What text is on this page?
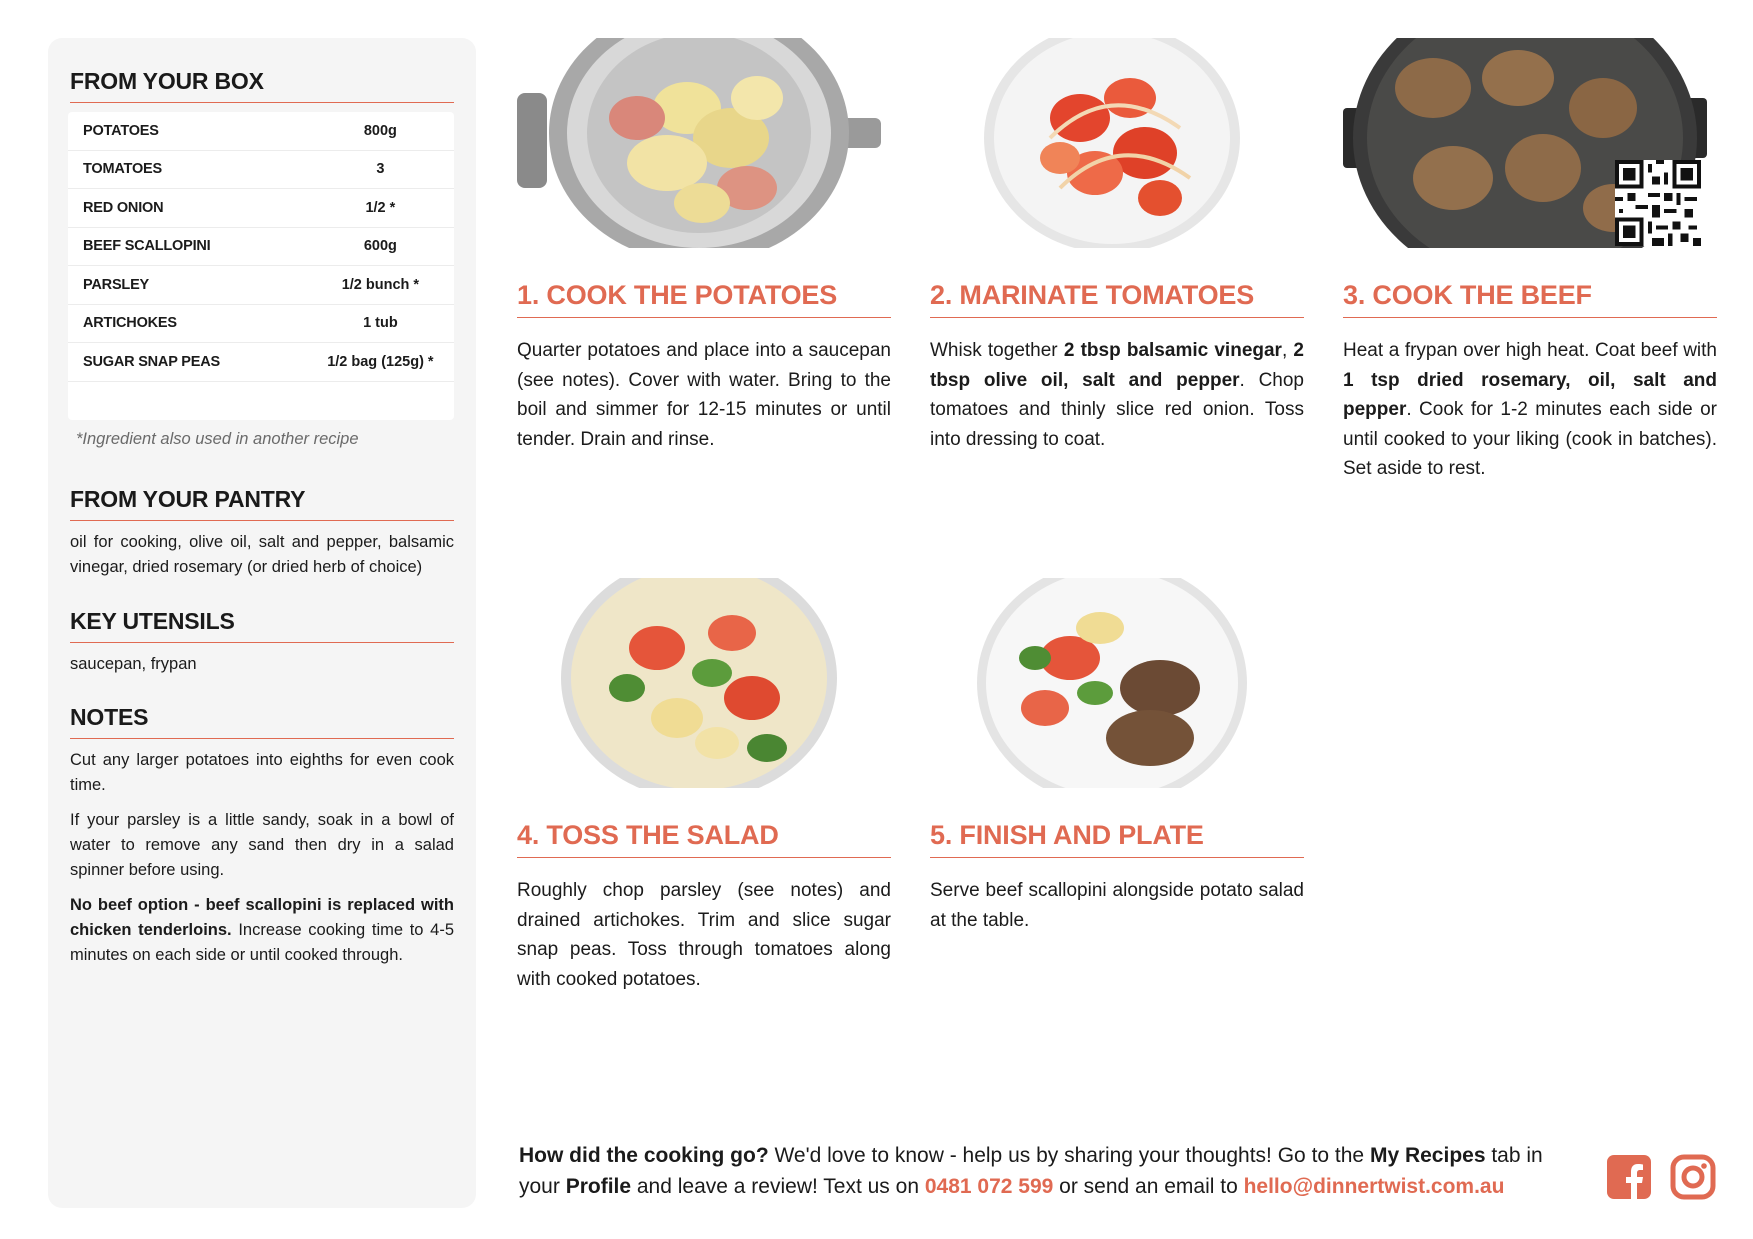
FROM YOUR BOX
POTATOES	800g
TOMATOES	3
RED ONION	1/2 *
BEEF SCALLOPINI	600g
PARSLEY	1/2 bunch *
ARTICHOKES	1 tub
SUGAR SNAP PEAS	1/2 bag (125g) *
*Ingredient also used in another recipe
FROM YOUR PANTRY
oil for cooking, olive oil, salt and pepper, balsamic vinegar, dried rosemary (or dried herb of choice)
KEY UTENSILS
saucepan, frypan
NOTES

Cut any larger potatoes into eighths for even cook time.

If your parsley is a little sandy, soak in a bowl of water to remove any sand then dry in a salad spinner before using.

No beef option - beef scallopini is replaced with chicken tenderloins. Increase cooking time to 4-5 minutes on each side or until cooked through.

1. COOK THE POTATOES
Quarter potatoes and place into a saucepan (see notes). Cover with water. Bring to the boil and simmer for 12-15 minutes or until tender. Drain and rinse.
2. MARINATE TOMATOES
Whisk together 2 tbsp balsamic vinegar, 2 tbsp olive oil, salt and pepper. Chop tomatoes and thinly slice red onion. Toss into dressing to coat.
3. COOK THE BEEF
Heat a frypan over high heat. Coat beef with 1 tsp dried rosemary, oil, salt and pepper. Cook for 1-2 minutes each side or until cooked to your liking (cook in batches). Set aside to rest.
4. TOSS THE SALAD
Roughly chop parsley (see notes) and drained artichokes. Trim and slice sugar snap peas. Toss through tomatoes along with cooked potatoes.
5. FINISH AND PLATE
Serve beef scallopini alongside potato salad at the table.
How did the cooking go? We'd love to know - help us by sharing your thoughts! Go to the My Recipes tab in your Profile and leave a review! Text us on 0481 072 599 or send an email to hello@dinnertwist.com.au
